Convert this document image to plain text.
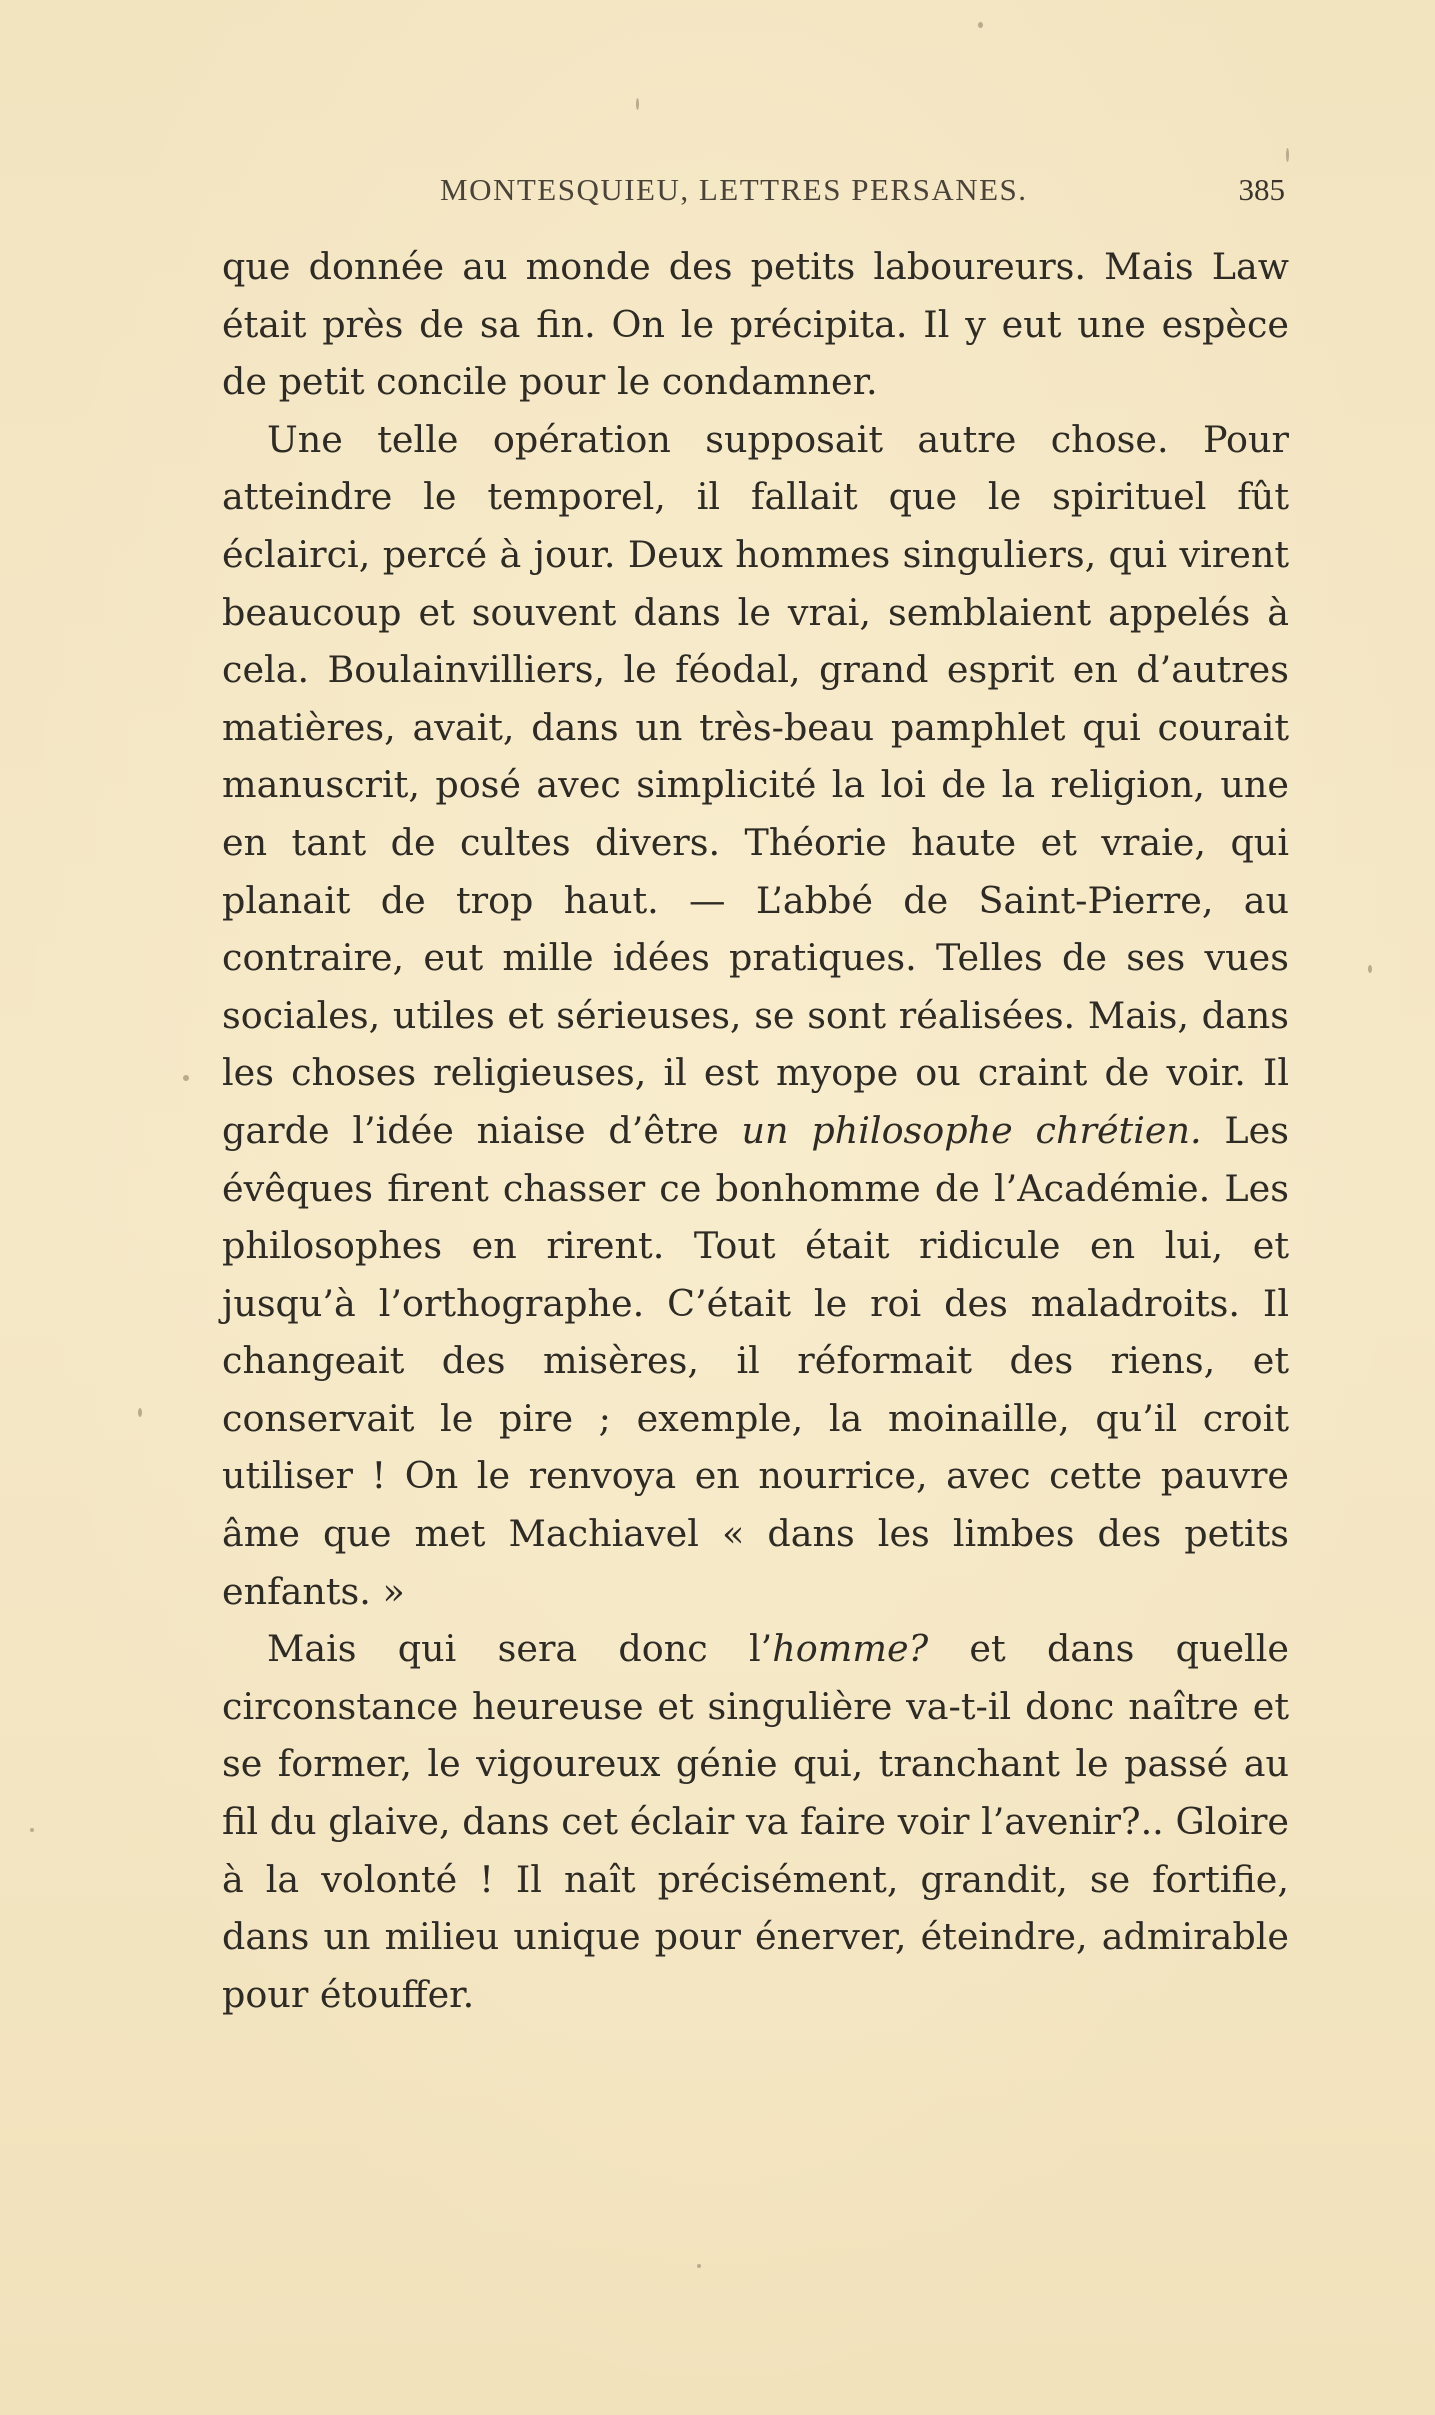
MONTESQUIEU, LETTRES PERSANES.	385

que donnée au monde des petits laboureurs. Mais Law était près de sa fin. On le précipita. Il y eut une espèce de petit concile pour le condamner.

Une telle opération supposait autre chose. Pour atteindre le temporel, il fallait que le spirituel fût éclairci, percé à jour. Deux hommes singuliers, qui virent beaucoup et souvent dans le vrai, semblaient appelés à cela. Boulainvilliers, le féodal, grand esprit en d’autres matières, avait, dans un très-beau pamphlet qui courait manuscrit, posé avec simplicité la loi de la religion, une en tant de cultes divers. Théorie haute et vraie, qui planait de trop haut. — L’abbé de Saint-Pierre, au contraire, eut mille idées pratiques. Telles de ses vues sociales, utiles et sérieuses, se sont réalisées. Mais, dans les choses religieuses, il est myope ou craint de voir. Il garde l’idée niaise d’être un philosophe chrétien. Les évêques firent chasser ce bonhomme de l’Académie. Les philosophes en rirent. Tout était ridicule en lui, et jusqu’à l’orthographe. C’était le roi des maladroits. Il changeait des misères, il réformait des riens, et conservait le pire ; exemple, la moinaille, qu’il croit utiliser ! On le renvoya en nourrice, avec cette pauvre âme que met Machiavel « dans les limbes des petits enfants. »

Mais qui sera donc l’homme? et dans quelle circonstance heureuse et singulière va-t-il donc naître et se former, le vigoureux génie qui, tranchant le passé au fil du glaive, dans cet éclair va faire voir l’avenir?.. Gloire à la volonté ! Il naît précisément, grandit, se fortifie, dans un milieu unique pour énerver, éteindre, admirable pour étouffer.
